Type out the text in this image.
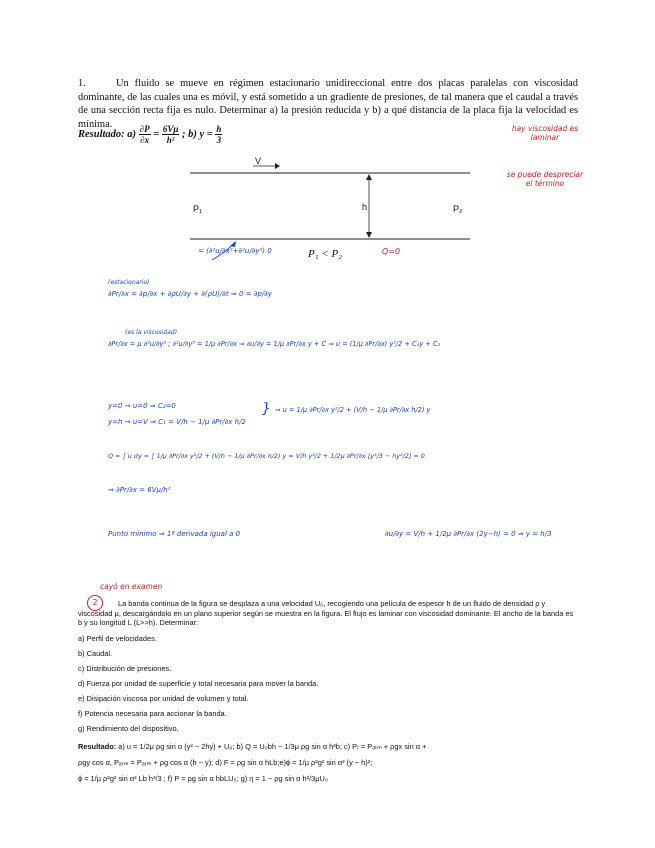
1.	Un fluido se mueve en régimen estacionario unidireccional entre dos placas paralelas con viscosidad dominante, de las cuales una es móvil, y está sometido a un gradiente de presiones, de tal manera que el caudal a través de una sección recta fija es nulo. Determinar a) la presión reducida y b) a qué distancia de la placa fija la velocidad es mínima.
Resultado: $a) \frac{\partial P}{\partial x} = \frac{6V\mu}{\text{h²}}$ ; b) $y = \frac{h}{3}$	hay viscosidad es laminar
se puede despreciar el término
V
P₁	h	P₂
P₁ < P₂	Q=0
= (∂²u/∂x²+∂²u/∂y²) 0
(estacionario)
∂Pr/∂x = ∂p/∂x + ∂ρU/∂y + ∂(ρU)/∂t ⇒ 0 = ∂p/∂y
(es la viscosidad)
∂Pr/∂x = μ ∂²u/∂y² ; ∂²u/∂y² = 1/μ ∂Pr/∂x ⇒ ∂u/∂y = 1/μ ∂Pr/∂x y + C ⇒ u = (1/μ ∂Pr/∂x) y²/2 + C₁y + C₂
y=0 → u=0 ⇒ C₂=0
y=h → u=V ⇒ C₁ = V/h − 1/μ ∂Pr/∂x h/2
} ⇒ u = 1/μ ∂Pr/∂x y²/2 + (V/h − 1/μ ∂Pr/∂x h/2) y
Q = ∫ u dy = ∫ 1/μ ∂Pr/∂x y²/2 + (V/h − 1/μ ∂Pr/∂x h/2) y = V/h y²/2 + 1/2μ ∂Pr/∂x [y³/3 − hy²/2] = 0
⇒ ∂Pr/∂x = 6Vμ/h²
Punto mínimo ⇒ 1ª derivada igual a 0	∂u/∂y = V/h + 1/2μ ∂Pr/∂x (2y−h) = 0 ⇒ y = h/3
cayó en examen
2	La banda continua de la figura se desplaza a una velocidad U₀, recogiendo una película de espesor h de un fluido de densidad ρ y viscosidad μ, descargándolo en un plano superior según se muestra en la figura. El flujo es laminar con viscosidad dominante. El ancho de la banda es b y su longitud L (L>>h). Determinar:
a) Perfil de velocidades.
b) Caudal.
c) Distribución de presiones.
d) Fuerza por unidad de superficie y total necesaria para mover la banda.
e) Disipación viscosa por unidad de volumen y total.
f) Potencia necesaria para accionar la banda.
g) Rendimiento del dispositivo.
Resultado: a) u = 1/2μ ρg sin α (y² − 2hy) + U₀; b) Q = U₀bh − 1/3μ ρg sin α h³b; c) Pᵣ = Pₐₜₘ + ρgx sin α +
ρgy cos α, Pₐₜₘ = Pₐₜₘ + ρg cos α (h − y); d) F = ρg sin α hLb;e)ϕ = 1/μ ρ²g² sin α² (y − h)²;
ϕ = 1/μ ρ²g² sin α² Lb h³/3 ; f) P = ρg sin α hbLU₀; g) η = 1 − ρg sin α h²/3μU₀
